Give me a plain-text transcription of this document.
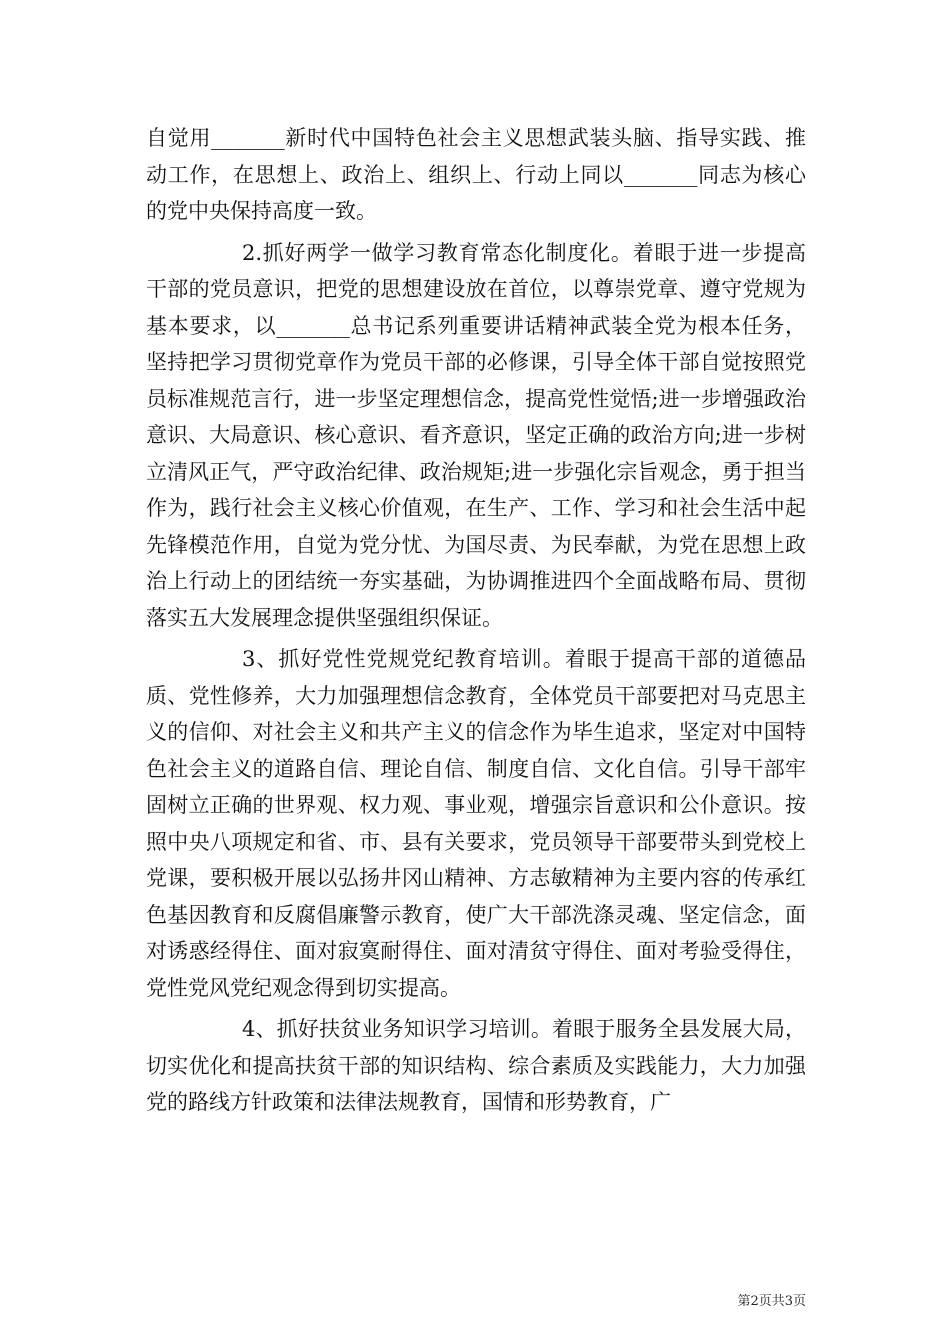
自觉用_______新时代中国特色社会主义思想武装头脑、指导实践、推动工作，在思想上、政治上、组织上、行动上同以_______同志为核心的党中央保持高度一致。

2.抓好两学一做学习教育常态化制度化。着眼于进一步提高干部的党员意识，把党的思想建设放在首位，以尊崇党章、遵守党规为基本要求，以_______总书记系列重要讲话精神武装全党为根本任务，坚持把学习贯彻党章作为党员干部的必修课，引导全体干部自觉按照党员标准规范言行，进一步坚定理想信念，提高党性觉悟;进一步增强政治意识、大局意识、核心意识、看齐意识，坚定正确的政治方向;进一步树立清风正气，严守政治纪律、政治规矩;进一步强化宗旨观念，勇于担当作为，践行社会主义核心价值观，在生产、工作、学习和社会生活中起先锋模范作用，自觉为党分忧、为国尽责、为民奉献，为党在思想上政治上行动上的团结统一夯实基础，为协调推进四个全面战略布局、贯彻落实五大发展理念提供坚强组织保证。

3、抓好党性党规党纪教育培训。着眼于提高干部的道德品质、党性修养，大力加强理想信念教育，全体党员干部要把对马克思主义的信仰、对社会主义和共产主义的信念作为毕生追求，坚定对中国特色社会主义的道路自信、理论自信、制度自信、文化自信。引导干部牢固树立正确的世界观、权力观、事业观，增强宗旨意识和公仆意识。按照中央八项规定和省、市、县有关要求，党员领导干部要带头到党校上党课，要积极开展以弘扬井冈山精神、方志敏精神为主要内容的传承红色基因教育和反腐倡廉警示教育，使广大干部洗涤灵魂、坚定信念，面对诱惑经得住、面对寂寞耐得住、面对清贫守得住、面对考验受得住，党性党风党纪观念得到切实提高。

4、抓好扶贫业务知识学习培训。着眼于服务全县发展大局，切实优化和提高扶贫干部的知识结构、综合素质及实践能力，大力加强党的路线方针政策和法律法规教育，国情和形势教育，广

第2页共3页
